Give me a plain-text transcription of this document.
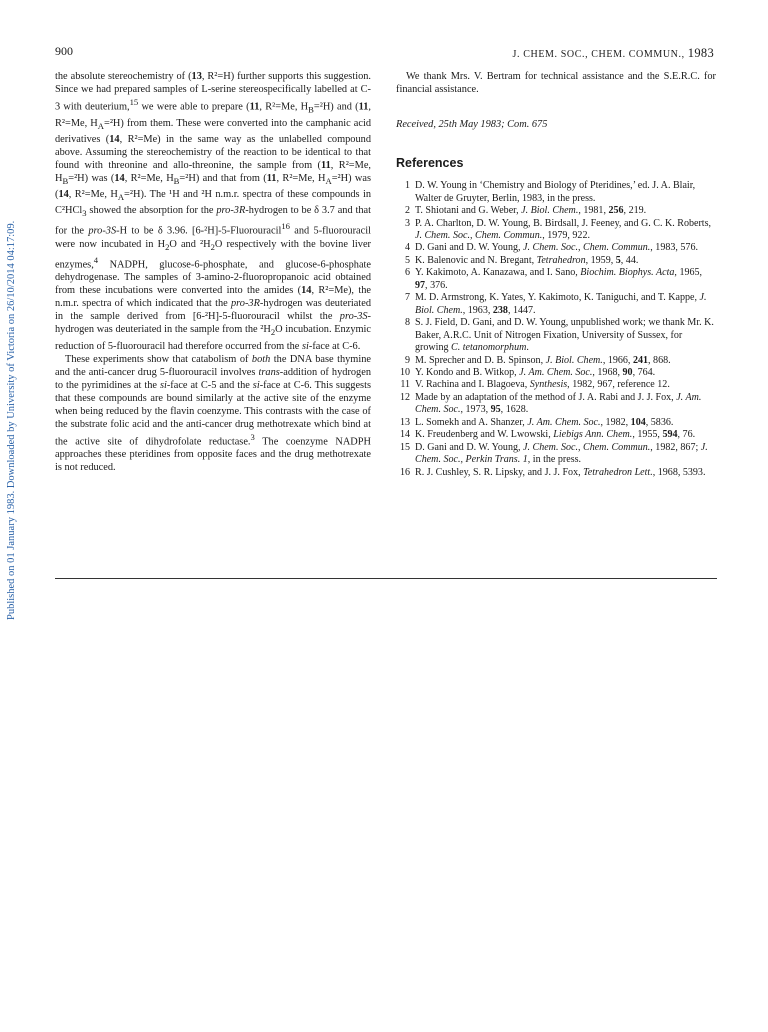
900	J. CHEM. SOC., CHEM. COMMUN., 1983
Published on 01 January 1983. Downloaded by University of Victoria on 26/10/2014 04:17:09.

the absolute stereochemistry of (13, R²=H) further supports this suggestion. Since we had prepared samples of L-serine stereospecifically labelled at C-3 with deuterium,$^{15}$ we were able to prepare (11, R²=Me, $H_B=^2H$) and (11, R²=Me, $H_A=^2H$) from them. These were converted into the camphanic acid derivatives (14, R²=Me) in the same way as the unlabelled compound above. Assuming the stereochemistry of the reaction to be identical to that found with threonine and allo-threonine, the sample from (11, R²=Me, $H_B=^2H$) was (14, R²=Me, $H_B=^2H$) and that from (11, R²=Me, $H_A=^2H$) was (14, R²=Me, $H_A=^2H$). The ¹H and ²H n.m.r. spectra of these compounds in C²HCl$_3$ showed the absorption for the pro-3R-hydrogen to be δ 3.7 and that for the pro-3S-H to be δ 3.96. [6-²H]-5-Fluorouracil$^{16}$ and 5-fluorouracil were now incubated in $H_2O$ and $^2H_2O$ respectively with the bovine liver enzymes,$^4$ NADPH, glucose-6-phosphate, and glucose-6-phosphate dehydrogenase. The samples of 3-amino-2-fluoropropanoic acid obtained from these incubations were converted into the amides (14, R²=Me), the n.m.r. spectra of which indicated that the pro-3R-hydrogen was deuteriated in the sample derived from [6-²H]-5-fluorouracil whilst the pro-3S-hydrogen was deuteriated in the sample from the $^2H_2O$ incubation. Enzymic reduction of 5-fluorouracil had therefore occurred from the si-face at C-6.

These experiments show that catabolism of both the DNA base thymine and the anti-cancer drug 5-fluorouracil involves trans-addition of hydrogen to the pyrimidines at the si-face at C-5 and the si-face at C-6. This suggests that these compounds are bound similarly at the active site of the enzyme when being reduced by the flavin coenzyme. This contrasts with the case of the substrate folic acid and the anti-cancer drug methotrexate which bind at the active site of dihydrofolate reductase.$^3$ The coenzyme NADPH approaches these pteridines from opposite faces and the drug methotrexate is not reduced.

We thank Mrs. V. Bertram for technical assistance and the S.E.R.C. for financial assistance.

Received, 25th May 1983; Com. 675

References
1 D. W. Young in ‘Chemistry and Biology of Pteridines,’ ed. J. A. Blair, Walter de Gruyter, Berlin, 1983, in the press.
2 T. Shiotani and G. Weber, J. Biol. Chem., 1981, 256, 219.
3 P. A. Charlton, D. W. Young, B. Birdsall, J. Feeney, and G. C. K. Roberts, J. Chem. Soc., Chem. Commun., 1979, 922.
4 D. Gani and D. W. Young, J. Chem. Soc., Chem. Commun., 1983, 576.
5 K. Balenovic and N. Bregant, Tetrahedron, 1959, 5, 44.
6 Y. Kakimoto, A. Kanazawa, and I. Sano, Biochim. Biophys. Acta, 1965, 97, 376.
7 M. D. Armstrong, K. Yates, Y. Kakimoto, K. Taniguchi, and T. Kappe, J. Biol. Chem., 1963, 238, 1447.
8 S. J. Field, D. Gani, and D. W. Young, unpublished work; we thank Mr. K. Baker, A.R.C. Unit of Nitrogen Fixation, University of Sussex, for growing C. tetanomorphum.
9 M. Sprecher and D. B. Spinson, J. Biol. Chem., 1966, 241, 868.
10 Y. Kondo and B. Witkop, J. Am. Chem. Soc., 1968, 90, 764.
11 V. Rachina and I. Blagoeva, Synthesis, 1982, 967, reference 12.
12 Made by an adaptation of the method of J. A. Rabi and J. J. Fox, J. Am. Chem. Soc., 1973, 95, 1628.
13 L. Somekh and A. Shanzer, J. Am. Chem. Soc., 1982, 104, 5836.
14 K. Freudenberg and W. Lwowski, Liebigs Ann. Chem., 1955, 594, 76.
15 D. Gani and D. W. Young, J. Chem. Soc., Chem. Commun., 1982, 867; J. Chem. Soc., Perkin Trans. 1, in the press.
16 R. J. Cushley, S. R. Lipsky, and J. J. Fox, Tetrahedron Lett., 1968, 5393.
